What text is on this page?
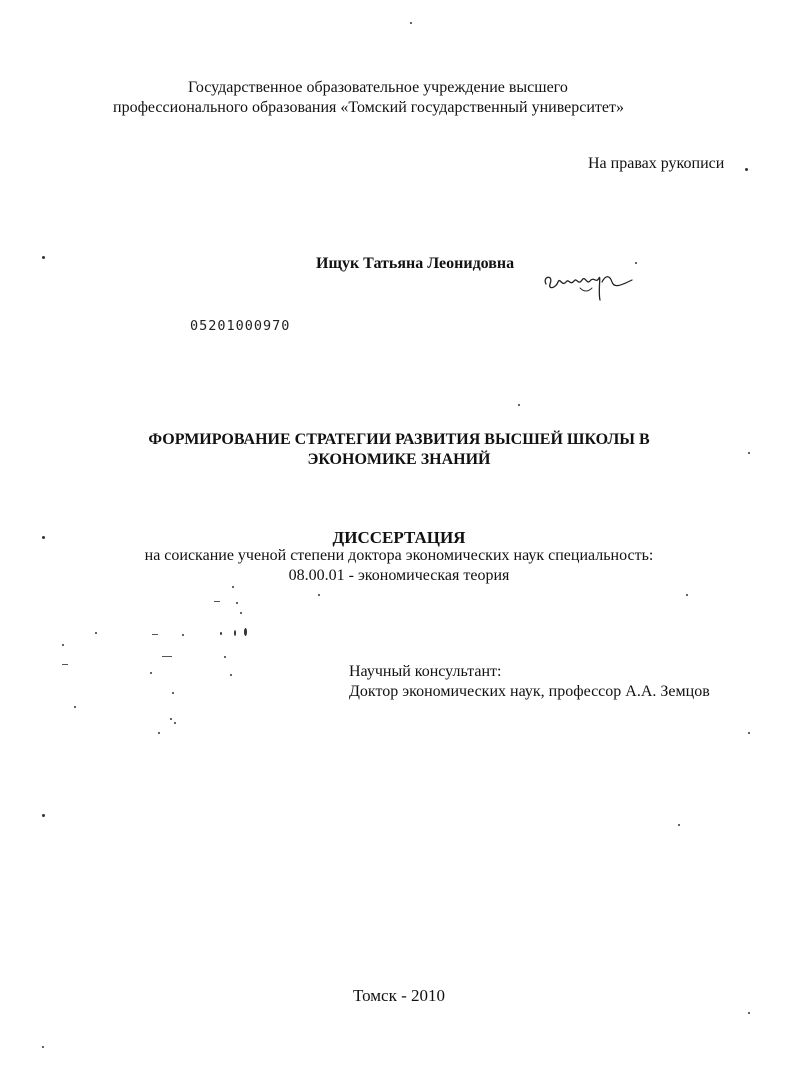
Государственное образовательное учреждение высшего
профессионального образования «Томский государственный университет»
На правах рукописи
Ищук Татьяна Леонидовна
05201000970
ФОРМИРОВАНИЕ СТРАТЕГИИ РАЗВИТИЯ ВЫСШЕЙ ШКОЛЫ В
ЭКОНОМИКЕ ЗНАНИЙ
ДИССЕРТАЦИЯ
на соискание ученой степени доктора экономических наук специальность:
08.00.01 - экономическая теория
Научный консультант:
Доктор экономических наук, профессор А.А. Земцов
Томск - 2010
